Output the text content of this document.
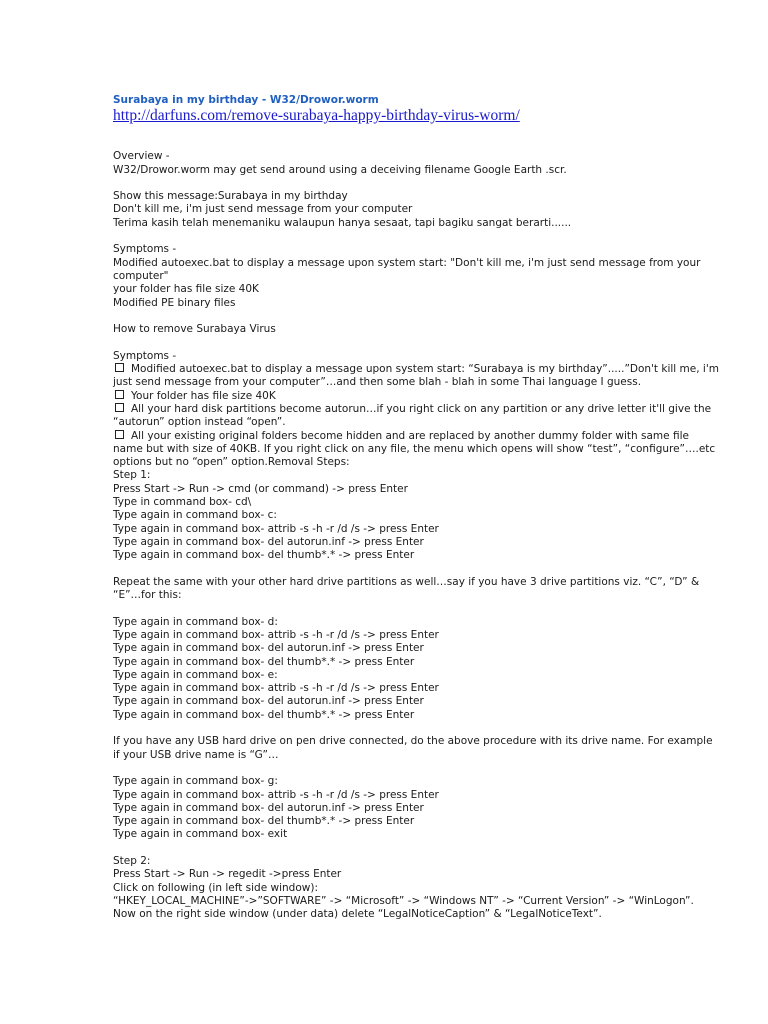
Surabaya in my birthday - W32/Drowor.worm
http://darfuns.com/remove-surabaya-happy-birthday-virus-worm/
Overview -
W32/Drowor.worm may get send around using a deceiving filename Google Earth .scr.
Show this message:Surabaya in my birthday
Don't kill me, i'm just send message from your computer
Terima kasih telah menemaniku walaupun hanya sesaat, tapi bagiku sangat berarti......
Symptoms -
Modified autoexec.bat to display a message upon system start: "Don't kill me, i'm just send message from your
computer"
your folder has file size 40K
Modified PE binary files
How to remove Surabaya Virus
Symptoms -
Modified autoexec.bat to display a message upon system start: “Surabaya is my birthday”.....”Don't kill me, i'm
just send message from your computer”…and then some blah - blah in some Thai language I guess.
Your folder has file size 40K
All your hard disk partitions become autorun…if you right click on any partition or any drive letter it'll give the
“autorun” option instead “open”.
All your existing original folders become hidden and are replaced by another dummy folder with same file
name but with size of 40KB. If you right click on any file, the menu which opens will show “test”, “configure”….etc
options but no “open” option.Removal Steps:
Step 1:
Press Start -> Run -> cmd (or command) -> press Enter
Type in command box- cd\
Type again in command box- c:
Type again in command box- attrib -s -h -r /d /s -> press Enter
Type again in command box- del autorun.inf -> press Enter
Type again in command box- del thumb*.* -> press Enter
Repeat the same with your other hard drive partitions as well…say if you have 3 drive partitions viz. “C”, “D” &
“E”…for this:
Type again in command box- d:
Type again in command box- attrib -s -h -r /d /s -> press Enter
Type again in command box- del autorun.inf -> press Enter
Type again in command box- del thumb*.* -> press Enter
Type again in command box- e:
Type again in command box- attrib -s -h -r /d /s -> press Enter
Type again in command box- del autorun.inf -> press Enter
Type again in command box- del thumb*.* -> press Enter
If you have any USB hard drive on pen drive connected, do the above procedure with its drive name. For example
if your USB drive name is “G”…
Type again in command box- g:
Type again in command box- attrib -s -h -r /d /s -> press Enter
Type again in command box- del autorun.inf -> press Enter
Type again in command box- del thumb*.* -> press Enter
Type again in command box- exit
Step 2:
Press Start -> Run -> regedit ->press Enter
Click on following (in left side window):
“HKEY_LOCAL_MACHINE”->”SOFTWARE” -> “Microsoft” -> “Windows NT” -> “Current Version” -> “WinLogon”.
Now on the right side window (under data) delete “LegalNoticeCaption” & “LegalNoticeText”.
